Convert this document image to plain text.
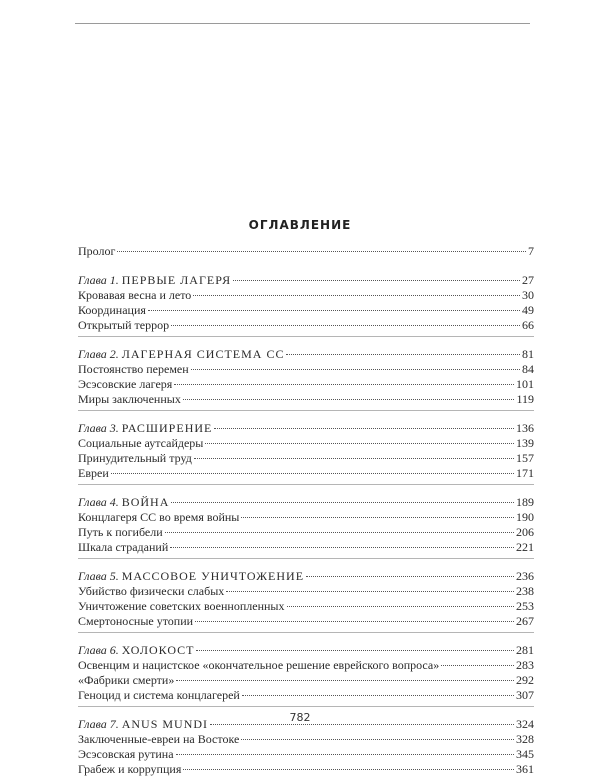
ОГЛАВЛЕНИЕ
Пролог	7
Глава 1. ПЕРВЫЕ ЛАГЕРЯ	27
Кровавая весна и лето	30
Координация	49
Открытый террор	66
Глава 2. ЛАГЕРНАЯ СИСТЕМА СС	81
Постоянство перемен	84
Эсэсовские лагеря	101
Миры заключенных	119
Глава 3. РАСШИРЕНИЕ	136
Социальные аутсайдеры	139
Принудительный труд	157
Евреи	171
Глава 4. ВОЙНА	189
Концлагеря СС во время войны	190
Путь к погибели	206
Шкала страданий	221
Глава 5. МАССОВОЕ УНИЧТОЖЕНИЕ	236
Убийство физически слабых	238
Уничтожение советских военнопленных	253
Смертоносные утопии	267
Глава 6. ХОЛОКОСТ	281
Освенцим и нацистское «окончательное решение еврейского вопроса»	283
«Фабрики смерти»	292
Геноцид и система концлагерей	307
Глава 7. ANUS MUNDI	324
Заключенные-евреи на Востоке	328
Эсэсовская рутина	345
Грабеж и коррупция	361
782
